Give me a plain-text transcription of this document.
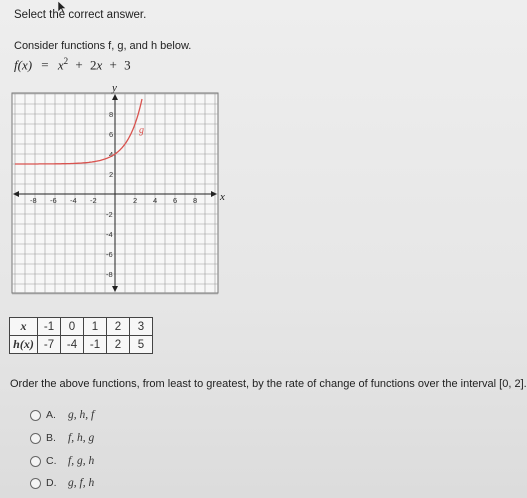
Select the correct answer.
Consider functions f, g, and h below.
$f(x) = x^2 + 2x + 3$
-8 -6 -4 -2	2 4 6 8
8
6
4
2
-2
-4
-6
-8
g
x
y
x	-1	0	1	2	3
h(x)	-7	-4	-1	2	5
Order the above functions, from least to greatest, by the rate of change of functions over the interval [0, 2].
A.	g, h, f
B.	f, h, g
C.	f, g, h
D.	g, f, h
